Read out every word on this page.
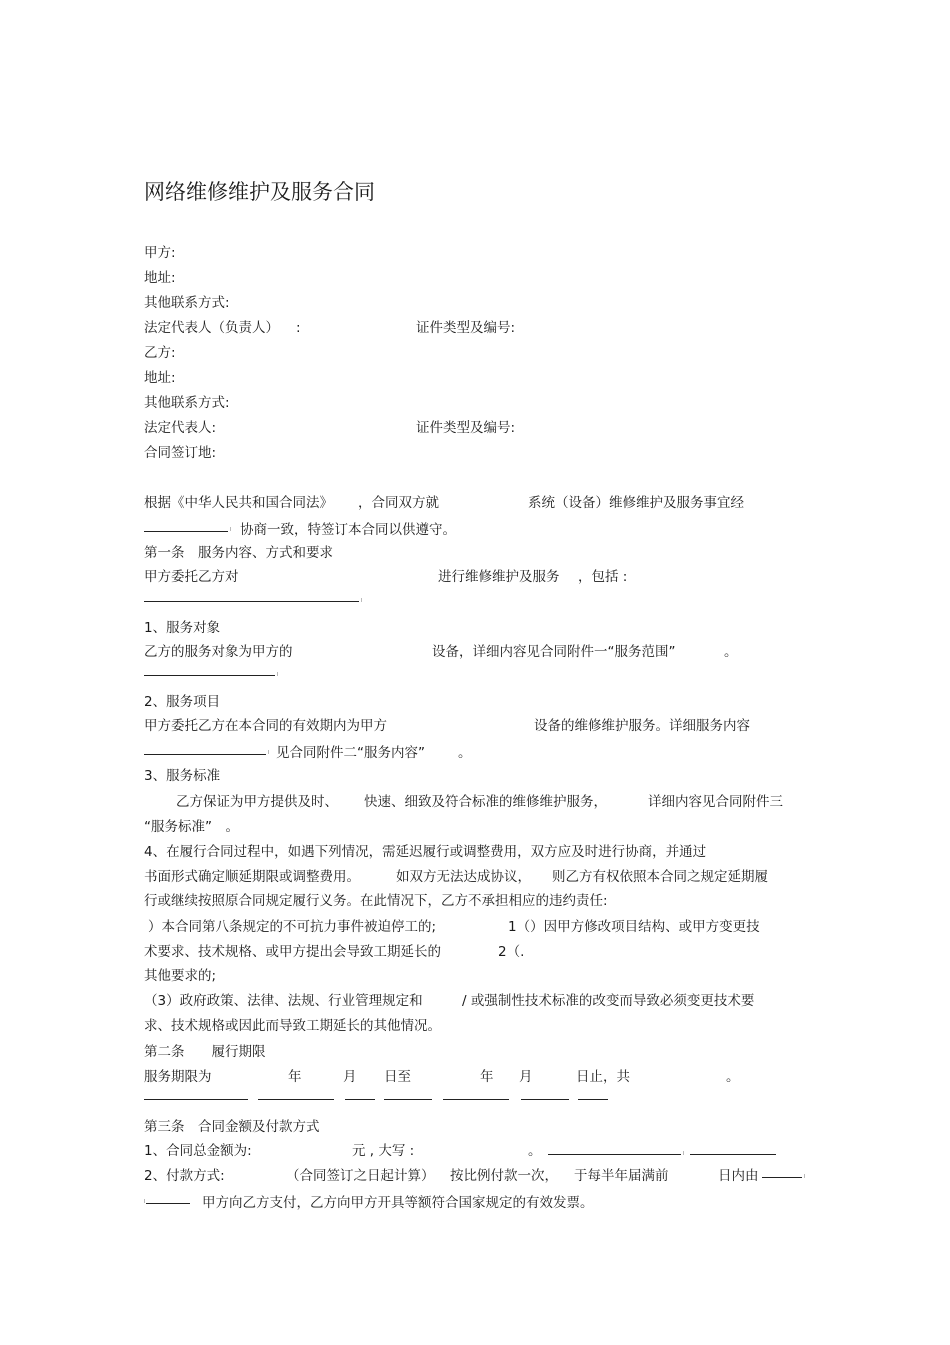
网络维修维护及服务合同
甲方:
地址:
其他联系方式:
法定代表人（负责人） :	证件类型及编号:
乙方:
地址:
其他联系方式:
法定代表人:	证件类型及编号:
合同签订地:
根据《中华人民共和国合同法》 ，合同双方就	系统（设备）维修维护及服务事宜经
协商一致，特签订本合同以供遵守。
第一条　服务内容、方式和要求
甲方委托乙方对	进行维修维护及服务 ，包括 :
1、服务对象
乙方的服务对象为甲方的	设备，详细内容见合同附件一“服务范围”	。
2、服务项目
甲方委托乙方在本合同的有效期内为甲方	设备的维修维护服务。详细服务内容
见合同附件二“服务内容” 。
3、服务标准
乙方保证为甲方提供及时、 快速、细致及符合标准的维修维护服务，	详细内容见合同附件三
“服务标准”　。
4、在履行合同过程中，如遇下列情况，需延迟履行或调整费用，双方应及时进行协商，并通过
书面形式确定顺延期限或调整费用。	如双方无法达成协议， 则乙方有权依照本合同之规定延期履
行或继续按照原合同规定履行义务。在此情况下，乙方不承担相应的违约责任:
）本合同第八条规定的不可抗力事件被迫停工的;	1（）因甲方修改项目结构、或甲方变更技
术要求、技术规格、或甲方提出会导致工期延长的	2（.
其他要求的;
（3）政府政策、法律、法规、行业管理规定和	/ 或强制性技术标准的改变而导致必须变更技术要
求、技术规格或因此而导致工期延长的其他情况。
第二条　　履行期限
服务期限为	年	月 日至	年 月	日止，共	。
第三条　合同金额及付款方式
1、合同总金额为:	元 , 大写 :	。
2、付款方式:	（合同签订之日起计算） 按比例付款一次， 于每半年届满前	日内由
甲方向乙方支付，乙方向甲方开具等额符合国家规定的有效发票。
